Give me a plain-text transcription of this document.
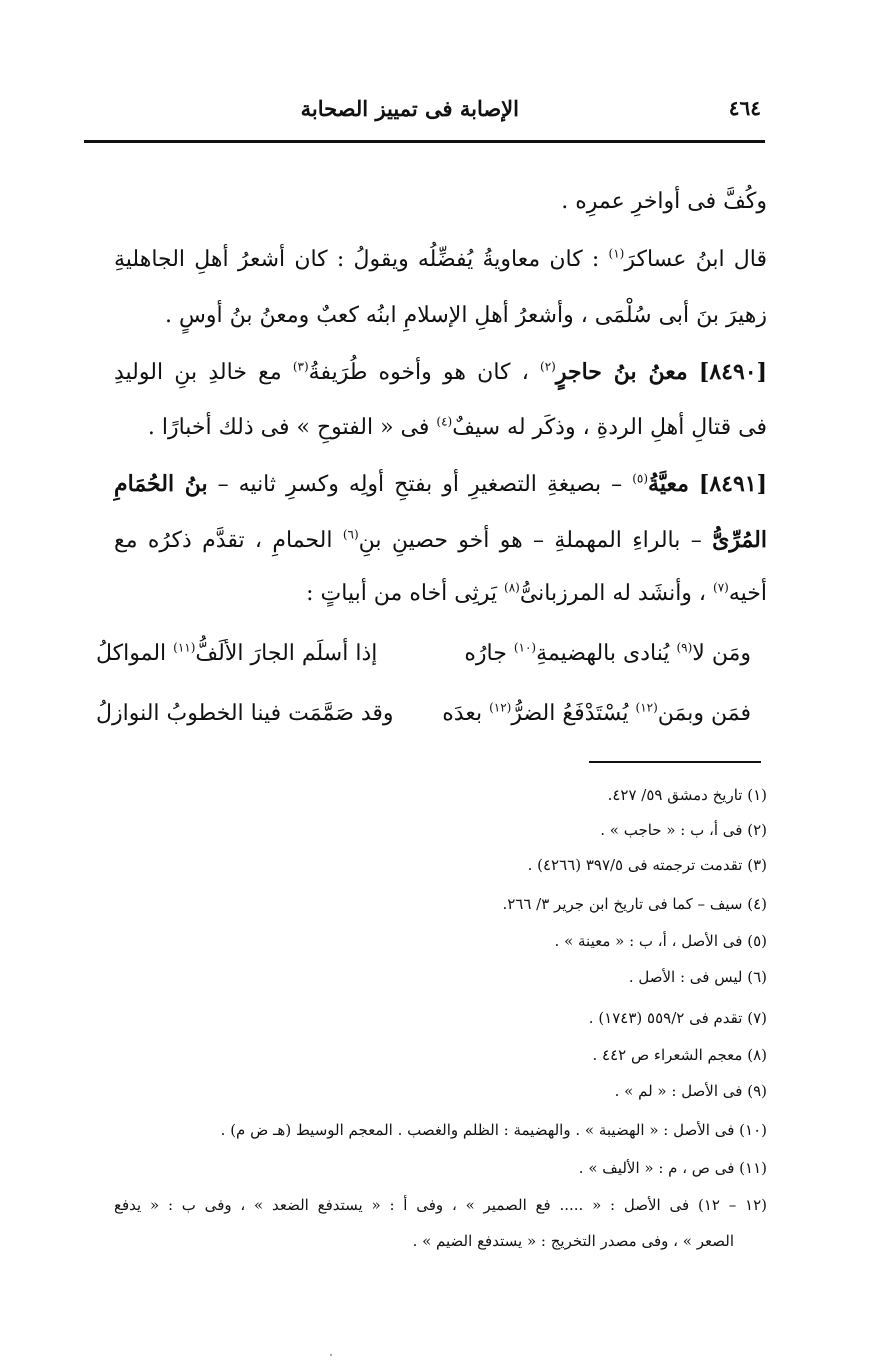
٤٦٤
الإصابة فى تمييز الصحابة
وكُفَّ فى أواخرِ عمرِه .
قال ابنُ عساكرَ$^{(١)}$ : كان معاويةُ يُفضِّلُه ويقولُ : كان أشعرُ أهلِ الجاهليةِ
زهيرَ بنَ أبى سُلْمَى ، وأشعرُ أهلِ الإسلامِ ابنُه كعبٌ ومعنُ بنُ أوسٍ .
[٨٤٩٠] معنُ بنُ حاجرٍ$^{(٢)}$ ، كان هو وأخوه طُرَيفةُ$^{(٣)}$ مع خالدِ بنِ الوليدِ
فى قتالِ أهلِ الردةِ ، وذكَر له سيفٌ$^{(٤)}$ فى « الفتوحِ » فى ذلك أخبارًا .
[٨٤٩١] معيَّةُ$^{(٥)}$ – بصيغةِ التصغيرِ أو بفتحِ أولِه وكسرِ ثانيه – بنُ الحُمَامِ
المُرِّىُّ – بالراءِ المهملةِ – هو أخو حصينِ بنِ$^{(٦)}$ الحمامِ ، تقدَّم ذكرُه مع
أخيه$^{(٧)}$ ، وأنشَد له المرزبانىُّ$^{(٨)}$ يَرثِى أخاه من أبياتٍ :
ومَن لا$^{(٩)}$ يُنادى بالهضيمةِ$^{(١٠)}$ جارُه
إذا أسلَم الجارَ الألَفُّ$^{(١١)}$ المواكلُ
فمَن وبمَن$^{(١٢)}$ يُسْتَدْفَعُ الضرُّ$^{(١٢)}$ بعدَه
وقد صَمَّمَت فينا الخطوبُ النوازلُ
(١) تاريخ دمشق ٥٩/ ٤٢٧.
(٢) فى أ، ب : « حاجب » .
(٣) تقدمت ترجمته فى ٣٩٧/٥ (٤٢٦٦) .
(٤) سيف – كما فى تاريخ ابن جرير ٣/ ٢٦٦.
(٥) فى الأصل ، أ، ب : « معينة » .
(٦) ليس فى : الأصل .
(٧) تقدم فى ٥٥٩/٢ (١٧٤٣) .
(٨) معجم الشعراء ص ٤٤٢ .
(٩) فى الأصل : « لم » .
(١٠) فى الأصل : « الهضيبة » . والهضيمة : الظلم والغصب . المعجم الوسيط (هـ ض م) .
(١١) فى ص ، م : « الأليف » .
(١٢ – ١٢) فى الأصل : « ..... فع الصمير » ، وفى أ : « يستدفع الضعد » ، وفى ب : « يدفع
الصعر » ، وفى مصدر التخريج : « يستدفع الضيم » .
